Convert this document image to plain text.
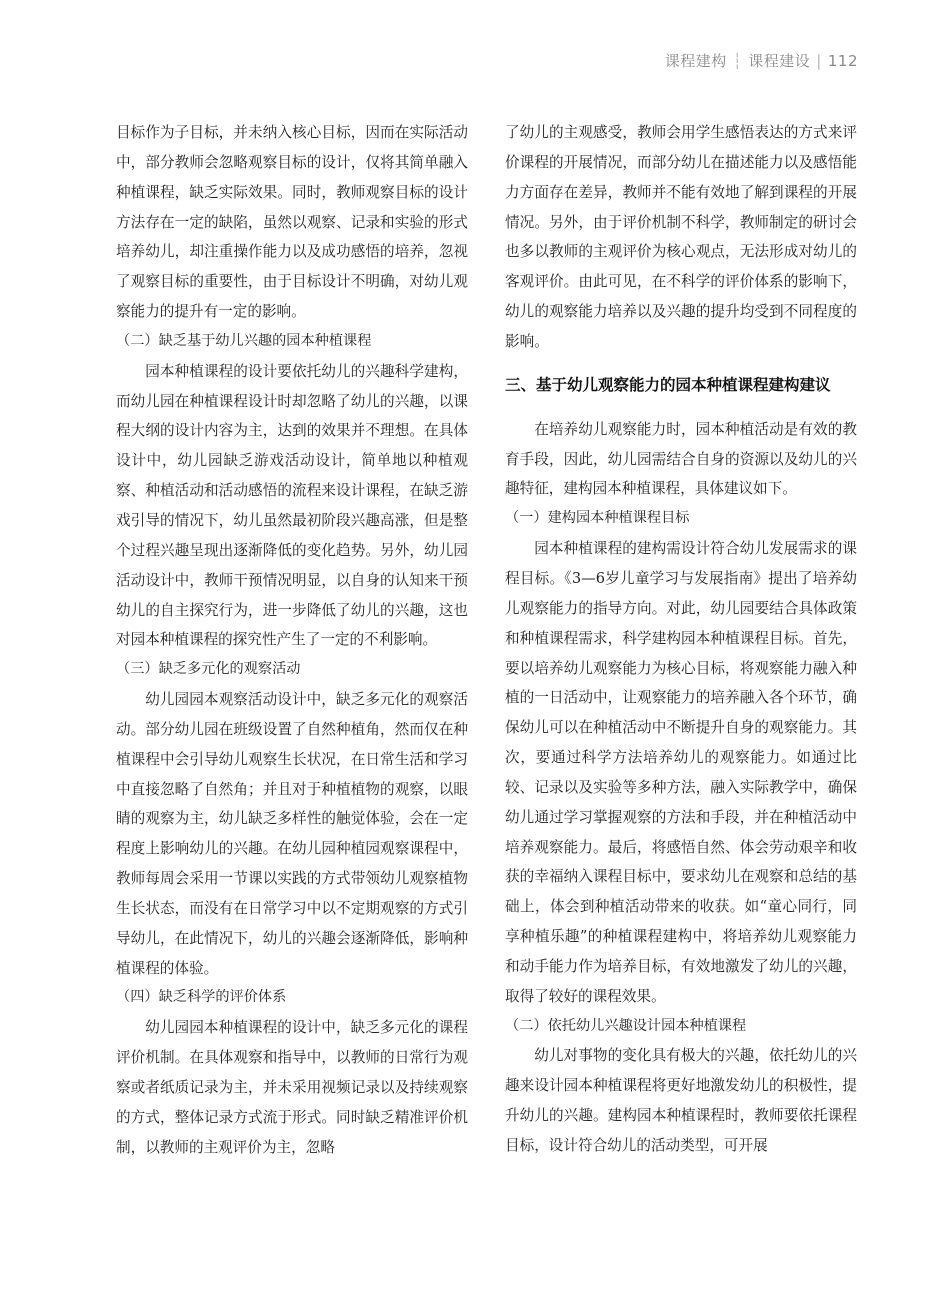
课程建构 ┆ 课程建设 | 112

目标作为子目标，并未纳入核心目标，因而在实际活动中，部分教师会忽略观察目标的设计，仅将其简单融入种植课程，缺乏实际效果。同时，教师观察目标的设计方法存在一定的缺陷，虽然以观察、记录和实验的形式培养幼儿，却注重操作能力以及成功感悟的培养，忽视了观察目标的重要性，由于目标设计不明确，对幼儿观察能力的提升有一定的影响。

（二）缺乏基于幼儿兴趣的园本种植课程

园本种植课程的设计要依托幼儿的兴趣科学建构，而幼儿园在种植课程设计时却忽略了幼儿的兴趣，以课程大纲的设计内容为主，达到的效果并不理想。在具体设计中，幼儿园缺乏游戏活动设计，简单地以种植观察、种植活动和活动感悟的流程来设计课程，在缺乏游戏引导的情况下，幼儿虽然最初阶段兴趣高涨，但是整个过程兴趣呈现出逐渐降低的变化趋势。另外，幼儿园活动设计中，教师干预情况明显，以自身的认知来干预幼儿的自主探究行为，进一步降低了幼儿的兴趣，这也对园本种植课程的探究性产生了一定的不利影响。

（三）缺乏多元化的观察活动

幼儿园园本观察活动设计中，缺乏多元化的观察活动。部分幼儿园在班级设置了自然种植角，然而仅在种植课程中会引导幼儿观察生长状况，在日常生活和学习中直接忽略了自然角；并且对于种植植物的观察，以眼睛的观察为主，幼儿缺乏多样性的触觉体验，会在一定程度上影响幼儿的兴趣。在幼儿园种植园观察课程中，教师每周会采用一节课以实践的方式带领幼儿观察植物生长状态，而没有在日常学习中以不定期观察的方式引导幼儿，在此情况下，幼儿的兴趣会逐渐降低，影响种植课程的体验。

（四）缺乏科学的评价体系

幼儿园园本种植课程的设计中，缺乏多元化的课程评价机制。在具体观察和指导中，以教师的日常行为观察或者纸质记录为主，并未采用视频记录以及持续观察的方式，整体记录方式流于形式。同时缺乏精准评价机制，以教师的主观评价为主，忽略

了幼儿的主观感受，教师会用学生感悟表达的方式来评价课程的开展情况，而部分幼儿在描述能力以及感悟能力方面存在差异，教师并不能有效地了解到课程的开展情况。另外，由于评价机制不科学，教师制定的研讨会也多以教师的主观评价为核心观点，无法形成对幼儿的客观评价。由此可见，在不科学的评价体系的影响下，幼儿的观察能力培养以及兴趣的提升均受到不同程度的影响。

三、基于幼儿观察能力的园本种植课程建构建议

在培养幼儿观察能力时，园本种植活动是有效的教育手段，因此，幼儿园需结合自身的资源以及幼儿的兴趣特征，建构园本种植课程，具体建议如下。

（一）建构园本种植课程目标

园本种植课程的建构需设计符合幼儿发展需求的课程目标。《3—6岁儿童学习与发展指南》提出了培养幼儿观察能力的指导方向。对此，幼儿园要结合具体政策和种植课程需求，科学建构园本种植课程目标。首先，要以培养幼儿观察能力为核心目标，将观察能力融入种植的一日活动中，让观察能力的培养融入各个环节，确保幼儿可以在种植活动中不断提升自身的观察能力。其次，要通过科学方法培养幼儿的观察能力。如通过比较、记录以及实验等多种方法，融入实际教学中，确保幼儿通过学习掌握观察的方法和手段，并在种植活动中培养观察能力。最后，将感悟自然、体会劳动艰辛和收获的幸福纳入课程目标中，要求幼儿在观察和总结的基础上，体会到种植活动带来的收获。如“童心同行，同享种植乐趣”的种植课程建构中，将培养幼儿观察能力和动手能力作为培养目标，有效地激发了幼儿的兴趣，取得了较好的课程效果。

（二）依托幼儿兴趣设计园本种植课程

幼儿对事物的变化具有极大的兴趣，依托幼儿的兴趣来设计园本种植课程将更好地激发幼儿的积极性，提升幼儿的兴趣。建构园本种植课程时，教师要依托课程目标，设计符合幼儿的活动类型，可开展
